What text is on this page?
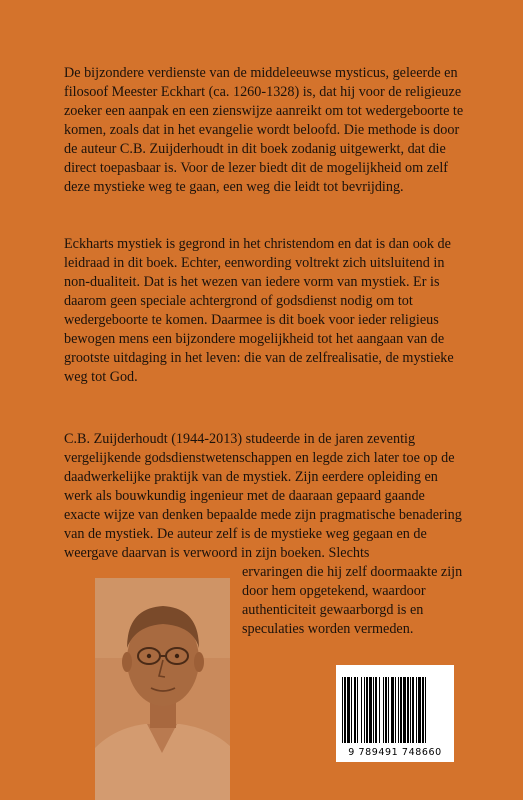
De bijzondere verdienste van de middeleeuwse mysticus, geleerde en filosoof Meester Eckhart (ca. 1260-1328) is, dat hij voor de religieuze zoeker een aanpak en een zienswijze aanreikt om tot wedergeboorte te komen, zoals dat in het evangelie wordt beloofd. Die methode is door de auteur C.B. Zuijderhoudt in dit boek zodanig uitgewerkt, dat die direct toepasbaar is. Voor de lezer biedt dit de mogelijkheid om zelf deze mystieke weg te gaan, een weg die leidt tot bevrijding.

Eckharts mystiek is gegrond in het christendom en dat is dan ook de leidraad in dit boek. Echter, eenwording voltrekt zich uitsluitend in non-dualiteit. Dat is het wezen van iedere vorm van mystiek. Er is daarom geen speciale achtergrond of godsdienst nodig om tot wedergeboorte te komen. Daarmee is dit boek voor ieder religieus bewogen mens een bijzondere mogelijkheid tot het aangaan van de grootste uitdaging in het leven: die van de zelfrealisatie, de mystieke weg tot God.

C.B. Zuijderhoudt (1944-2013) studeerde in de jaren zeventig vergelijkende godsdienstwetenschappen en legde zich later toe op de daadwerkelijke praktijk van de mystiek. Zijn eerdere opleiding en werk als bouwkundig ingenieur met de daaraan gepaard gaande exacte wijze van denken bepaalde mede zijn pragmatische benadering van de mystiek. De auteur zelf is de mystieke weg gegaan en de weergave daarvan is verwoord in zijn boeken. Slechts

ervaringen die hij zelf doormaakte zijn door hem opgetekend, waardoor authenticiteit gewaarborgd is en speculaties worden vermeden.
9 789491 748660
